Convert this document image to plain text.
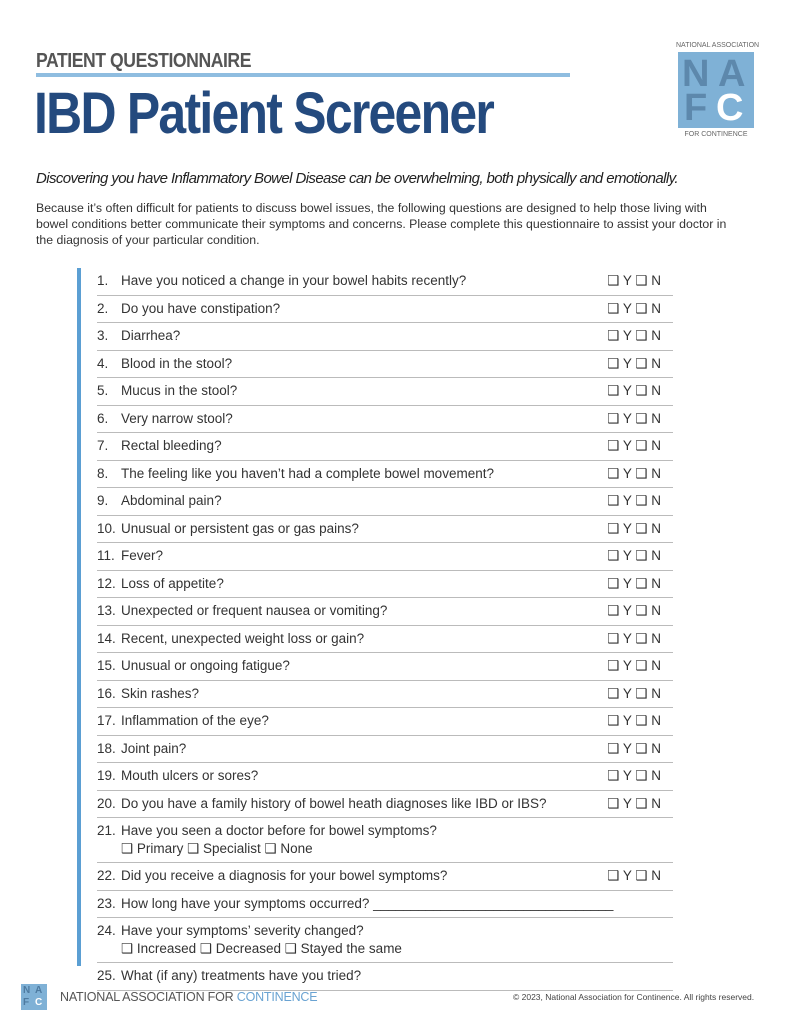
PATIENT QUESTIONNAIRE
IBD Patient Screener
NATIONAL ASSOCIATION
N A
F C
FOR CONTINENCE
Discovering you have Inflammatory Bowel Disease can be overwhelming, both physically and emotionally.
Because it’s often difficult for patients to discuss bowel issues, the following questions are designed to help those living with bowel conditions better communicate their symptoms and concerns. Please complete this questionnaire to assist your doctor in the diagnosis of your particular condition.
1. Have you noticed a change in your bowel habits recently?	❑ Y ❑ N
2. Do you have constipation?	❑ Y ❑ N
3. Diarrhea?	❑ Y ❑ N
4. Blood in the stool?	❑ Y ❑ N
5. Mucus in the stool?	❑ Y ❑ N
6. Very narrow stool?	❑ Y ❑ N
7. Rectal bleeding?	❑ Y ❑ N
8. The feeling like you haven’t had a complete bowel movement?	❑ Y ❑ N
9. Abdominal pain?	❑ Y ❑ N
10. Unusual or persistent gas or gas pains?	❑ Y ❑ N
11. Fever?	❑ Y ❑ N
12. Loss of appetite?	❑ Y ❑ N
13. Unexpected or frequent nausea or vomiting?	❑ Y ❑ N
14. Recent, unexpected weight loss or gain?	❑ Y ❑ N
15. Unusual or ongoing fatigue?	❑ Y ❑ N
16. Skin rashes?	❑ Y ❑ N
17. Inflammation of the eye?	❑ Y ❑ N
18. Joint pain?	❑ Y ❑ N
19. Mouth ulcers or sores?	❑ Y ❑ N
20. Do you have a family history of bowel heath diagnoses like IBD or IBS?	❑ Y ❑ N
21. Have you seen a doctor before for bowel symptoms?
❑ Primary ❑ Specialist ❑ None
22. Did you receive a diagnosis for your bowel symptoms?	❑ Y ❑ N
23. How long have your symptoms occurred? ________________________________
24. Have your symptoms’ severity changed?
❑ Increased ❑ Decreased ❑ Stayed the same
25. What (if any) treatments have you tried?
N A
F C NATIONAL ASSOCIATION FOR CONTINENCE	© 2023, National Association for Continence. All rights reserved.
